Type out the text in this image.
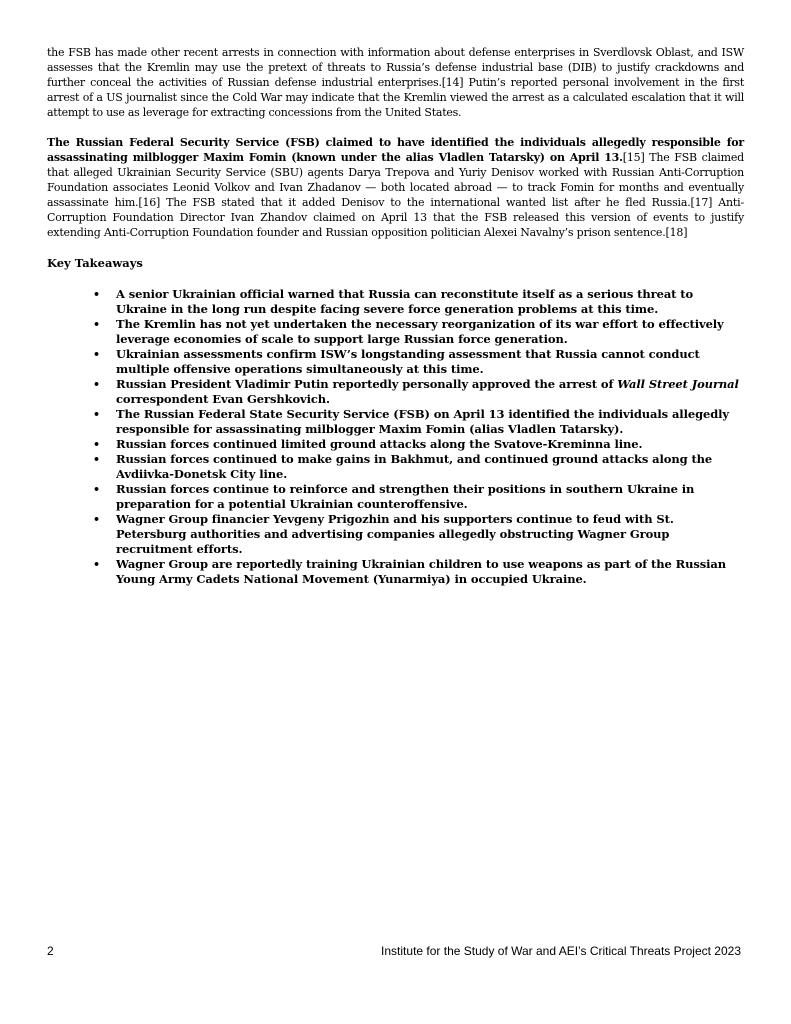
the FSB has made other recent arrests in connection with information about defense enterprises in Sverdlovsk Oblast, and ISW assesses that the Kremlin may use the pretext of threats to Russia’s defense industrial base (DIB) to justify crackdowns and further conceal the activities of Russian defense industrial enterprises.[14] Putin’s reported personal involvement in the first arrest of a US journalist since the Cold War may indicate that the Kremlin viewed the arrest as a calculated escalation that it will attempt to use as leverage for extracting concessions from the United States.

The Russian Federal Security Service (FSB) claimed to have identified the individuals allegedly responsible for assassinating milblogger Maxim Fomin (known under the alias Vladlen Tatarsky) on April 13.[15] The FSB claimed that alleged Ukrainian Security Service (SBU) agents Darya Trepova and Yuriy Denisov worked with Russian Anti-Corruption Foundation associates Leonid Volkov and Ivan Zhadanov — both located abroad — to track Fomin for months and eventually assassinate him.[16] The FSB stated that it added Denisov to the international wanted list after he fled Russia.[17] Anti-Corruption Foundation Director Ivan Zhandov claimed on April 13 that the FSB released this version of events to justify extending Anti-Corruption Foundation founder and Russian opposition politician Alexei Navalny’s prison sentence.[18]

Key Takeaways
• A senior Ukrainian official warned that Russia can reconstitute itself as a serious threat to Ukraine in the long run despite facing severe force generation problems at this time.
• The Kremlin has not yet undertaken the necessary reorganization of its war effort to effectively leverage economies of scale to support large Russian force generation.
• Ukrainian assessments confirm ISW’s longstanding assessment that Russia cannot conduct multiple offensive operations simultaneously at this time.
• Russian President Vladimir Putin reportedly personally approved the arrest of Wall Street Journal correspondent Evan Gershkovich.
• The Russian Federal State Security Service (FSB) on April 13 identified the individuals allegedly responsible for assassinating milblogger Maxim Fomin (alias Vladlen Tatarsky).
• Russian forces continued limited ground attacks along the Svatove-Kreminna line.
• Russian forces continued to make gains in Bakhmut, and continued ground attacks along the Avdiivka-Donetsk City line.
• Russian forces continue to reinforce and strengthen their positions in southern Ukraine in preparation for a potential Ukrainian counteroffensive.
• Wagner Group financier Yevgeny Prigozhin and his supporters continue to feud with St. Petersburg authorities and advertising companies allegedly obstructing Wagner Group recruitment efforts.
• Wagner Group are reportedly training Ukrainian children to use weapons as part of the Russian Young Army Cadets National Movement (Yunarmiya) in occupied Ukraine.
2	Institute for the Study of War and AEI’s Critical Threats Project 2023
